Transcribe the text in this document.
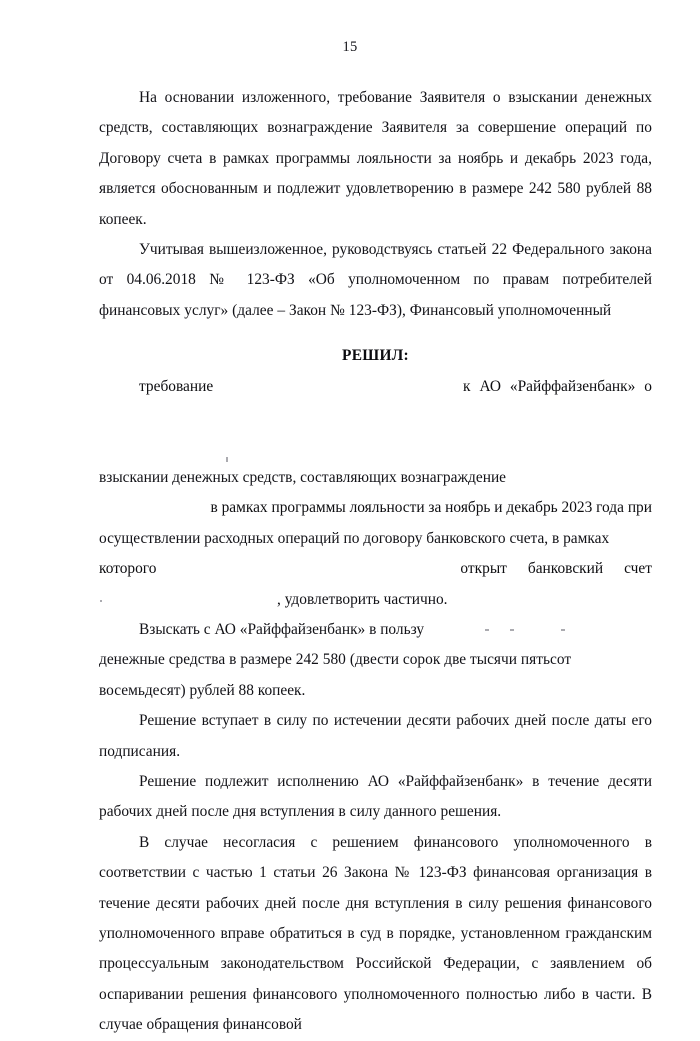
15

На основании изложенного, требование Заявителя о взыскании денежных средств, составляющих вознаграждение Заявителя за совершение операций по Договору счета в рамках программы лояльности за ноябрь и декабрь 2023 года, является обоснованным и подлежит удовлетворению в размере 242 580 рублей 88 копеек.

Учитывая вышеизложенное, руководствуясь статьей 22 Федерального закона от 04.06.2018 № 123-ФЗ «Об уполномоченном по правам потребителей финансовых услуг» (далее – Закон № 123-ФЗ), Финансовый уполномоченный

РЕШИЛ:
требование

	к АО «Райффайзенбанк» о
взыскании денежных средств, составляющих вознаграждение
в рамках программы лояльности за ноябрь и декабрь 2023 года при
осуществлении расходных операций по договору банковского счета, в рамках
которого	открыт банковский счет
, удовлетворить частично.
Взыскать с АО «Райффайзенбанк» в пользу

денежные средства в размере 242 580 (двести сорок две тысячи пятьсот

восемьдесят) рублей 88 копеек.

Решение вступает в силу по истечении десяти рабочих дней после даты его подписания.

Решение подлежит исполнению АО «Райффайзенбанк» в течение десяти рабочих дней после дня вступления в силу данного решения.

В случае несогласия с решением финансового уполномоченного в соответствии с частью 1 статьи 26 Закона № 123-ФЗ финансовая организация в течение десяти рабочих дней после дня вступления в силу решения финансового уполномоченного вправе обратиться в суд в порядке, установленном гражданским процессуальным законодательством Российской Федерации, с заявлением об оспаривании решения финансового уполномоченного полностью либо в части. В случае обращения финансовой
